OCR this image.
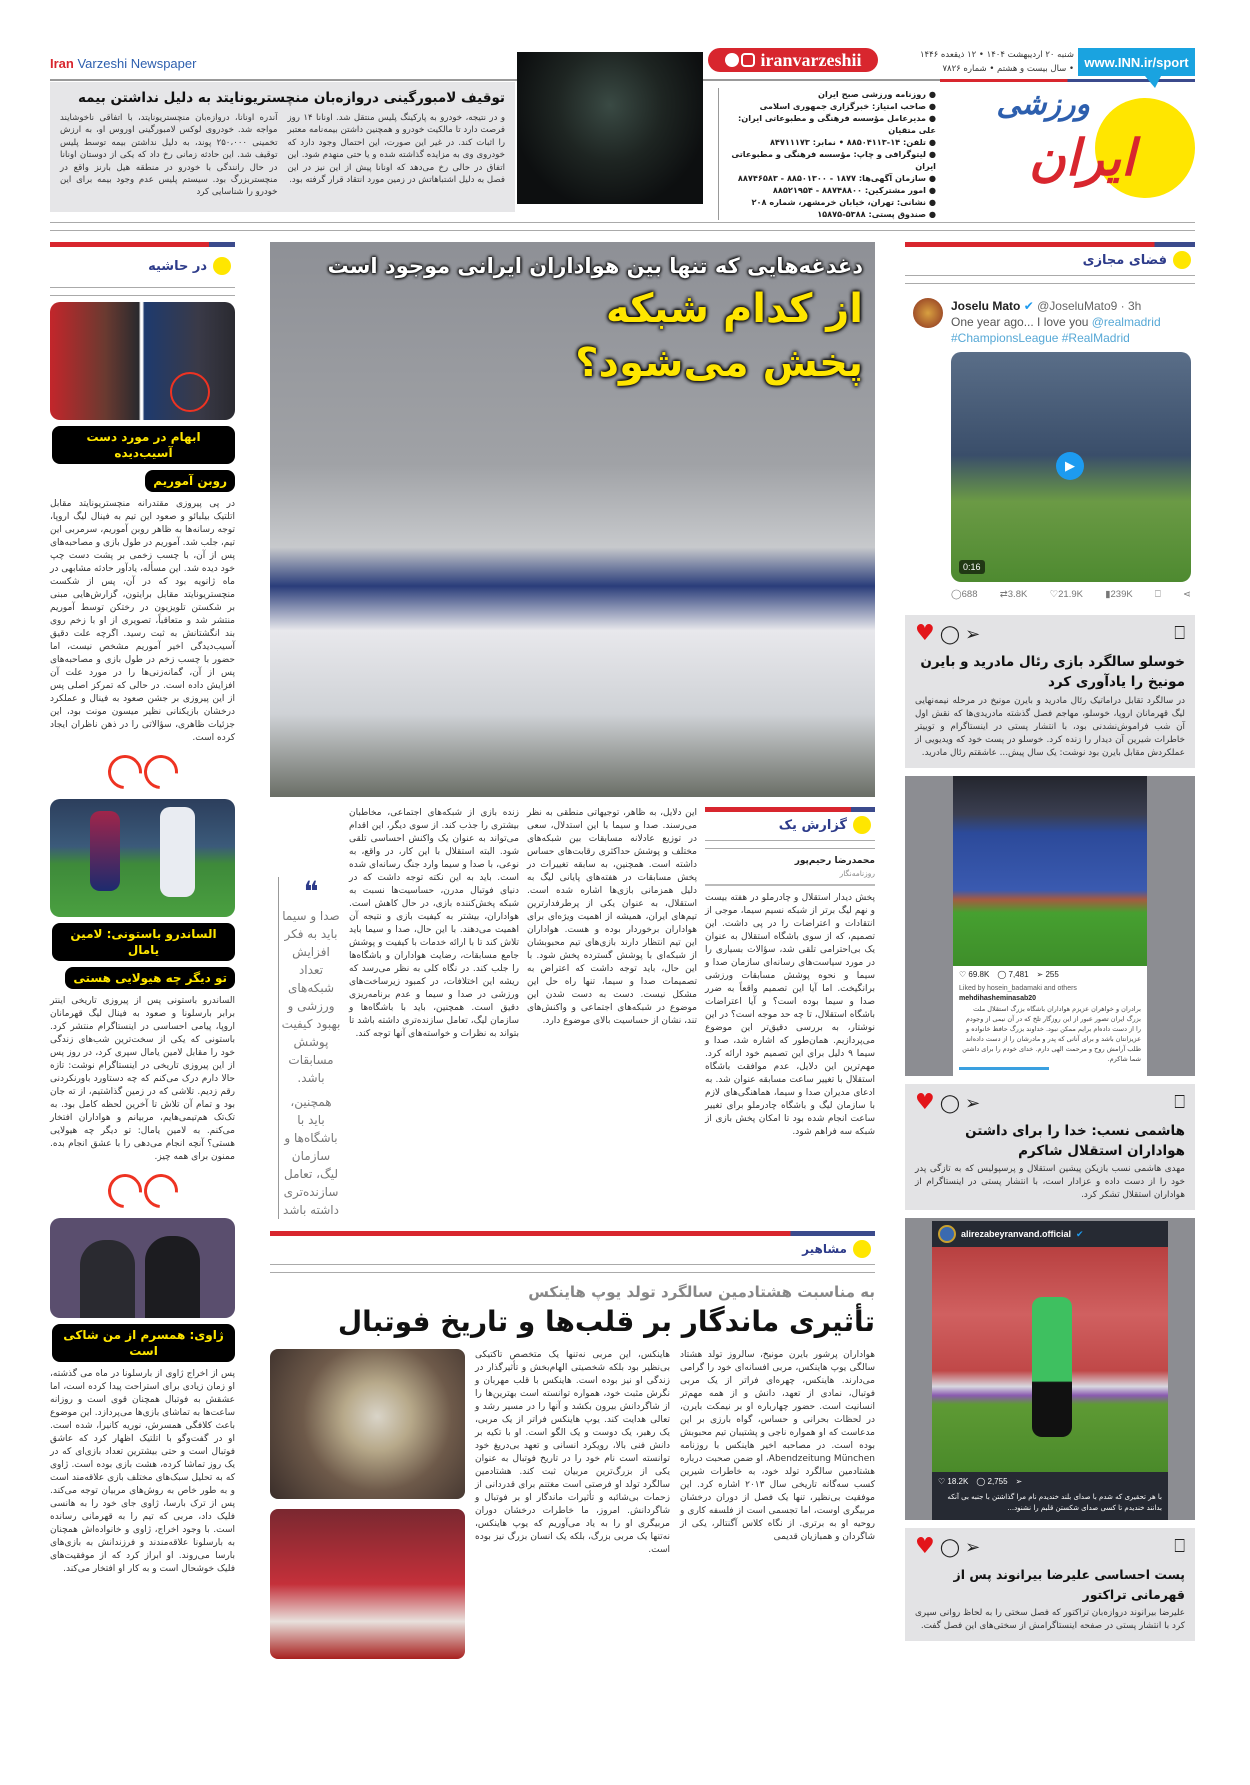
Iran Varzeshi Newspaper
توقیف لامبورگینی دروازه‌بان منچستریونایتد به دلیل نداشتن بیمه
آندره اونانا، دروازه‌بان منچستریونایتد، با اتفاقی ناخوشایند مواجه شد. خودروی لوکس لامبورگینی اوروس او، به ارزش تخمینی ۲۵۰،۰۰۰ پوند، به دلیل نداشتن بیمه توسط پلیس توقیف شد. این حادثه زمانی رخ داد که یکی از دوستان اونانا در حال رانندگی با خودرو در منطقه هیل بارنز واقع در منچستربزرگ بود. سیستم پلیس عدم وجود بیمه برای این خودرو را شناسایی کرد
و در نتیجه، خودرو به پارکینگ پلیس منتقل شد. اونانا ۱۴ روز فرصت دارد تا مالکیت خودرو و همچنین داشتن بیمه‌نامه معتبر را اثبات کند. در غیر این صورت، این احتمال وجود دارد که خودروی وی به مزایده گذاشته شده و یا حتی منهدم شود. این اتفاق در حالی رخ می‌دهد که اونانا پیش از این نیز در این فصل به دلیل اشتباهاتش در زمین مورد انتقاد قرار گرفته بود.
iranvarzeshii	شنبه ۲۰ اردیبهشت ۱۴۰۴ • ۱۲ ذیقعده ۱۴۴۶
• سال بیست و هشتم • شماره ۷۸۲۶ www.INN.ir/sport
● روزنامه ورزشی صبح ایران
● صاحب امتیاز: خبرگزاری جمهوری اسلامی
● مدیرعامل مؤسسه فرهنگی و مطبوعاتی ایران: علی متقیان
● تلفن: ۱۴-۸۸۵۰۴۱۱۳ • نمابر: ۸۴۷۱۱۱۷۳
● لیتوگرافی و چاپ: مؤسسه فرهنگی و مطبوعاتی ایران
● سازمان آگهی‌ها: ۱۸۷۷ - ۸۸۵۰۱۳۰۰ - ۸۸۷۴۶۵۸۳
● امور مشترکین: ۸۸۷۴۸۸۰۰ - ۸۸۵۲۱۹۵۴
● نشانی: تهران، خیابان خرمشهر، شماره ۲۰۸
● صندوق پستی: ۵۳۸۸-۱۵۸۷۵
ایران
ورزشی
در حاشیه
ابهام در مورد دست آسیب‌دیده
روبن آموریم
در پی پیروزی مقتدرانه منچستریونایتد مقابل اتلتیک بیلبائو و صعود این تیم به فینال لیگ اروپا، توجه رسانه‌ها به ظاهر روبن آموریم، سرمربی این تیم، جلب شد. آموریم در طول بازی و مصاحبه‌های پس از آن، با چسب زخمی بر پشت دست چپ خود دیده شد. این مسأله، یادآور حادثه مشابهی در ماه ژانویه بود که در آن، پس از شکست منچستریونایتد مقابل برایتون، گزارش‌هایی مبنی بر شکستن تلویزیون در رختکن توسط آموریم منتشر شد و متعاقباً، تصویری از او با زخم روی بند انگشتانش به ثبت رسید. اگرچه علت دقیق آسیب‌دیدگی اخیر آموریم مشخص نیست، اما حضور با چسب زخم در طول بازی و مصاحبه‌های پس از آن، گمانه‌زنی‌ها را در مورد علت آن افزایش داده است. در حالی که تمرکز اصلی پس از این پیروزی بر جشن صعود به فینال و عملکرد درخشان بازیکنانی نظیر میسون مونت بود، این جزئیات ظاهری، سؤالاتی را در ذهن ناظران ایجاد کرده است.
الساندرو باستونی: لامین یامال
تو دیگر چه هیولایی هستی
الساندرو باستونی پس از پیروزی تاریخی اینتر برابر بارسلونا و صعود به فینال لیگ قهرمانان اروپا، پیامی احساسی در اینستاگرام منتشر کرد. باستونی که یکی از سخت‌ترین شب‌های زندگی خود را مقابل لامین یامال سپری کرد، در روز پس از این پیروزی تاریخی در اینستاگرام نوشت: تازه حالا دارم درک می‌کنم که چه دستاورد باورنکردنی رقم زدیم. تلاشی که در زمین گذاشتیم، از ته جان بود و تمام آن تلاش تا آخرین لحظه کامل بود. به تک‌تک هم‌تیمی‌هایم، مربیانم و هواداران افتخار می‌کنم. به لامین یامال: تو دیگر چه هیولایی هستی؟ آنچه انجام می‌دهی را با عشق انجام بده. ممنون برای همه چیز.
ژاوی: همسرم از من شاکی است
پس از اخراج ژاوی از بارسلونا در ماه می گذشته، او زمان زیادی برای استراحت پیدا کرده است، اما عشقش به فوتبال همچنان قوی است و روزانه ساعت‌ها به تماشای بازی‌ها می‌پردازد. این موضوع باعث کلافگی همسرش، نوریه کانیرا، شده است. او در گفت‌وگو با اتلتیک اظهار کرد که عاشق فوتبال است و حتی بیشترین تعداد بازی‌ای که در یک روز تماشا کرده، هشت بازی بوده است. ژاوی که به تحلیل سبک‌های مختلف بازی علاقه‌مند است و به طور خاص به روش‌های مربیان توجه می‌کند. پس از ترک بارسا، ژاوی جای خود را به هانسی فلیک داد، مربی که تیم را به قهرمانی رسانده است. با وجود اخراج، ژاوی و خانواده‌اش همچنان به بارسلونا علاقه‌مندند و فرزندانش به بازی‌های بارسا می‌روند. او ابراز کرد که از موفقیت‌های فلیک خوشحال است و به کار او افتخار می‌کند.
دغدغه‌هایی که تنها بین هواداران ایرانی موجود است
از کدام شبکه
پخش می‌شود؟
گزارش یک
محمدرضا رحیم‌پور
روزنامه‌نگار
پخش دیدار استقلال و چادرملو در هفته بیست و نهم لیگ برتر از شبکه نسیم سیما، موجی از انتقادات و اعتراضات را در پی داشت. این تصمیم، که از سوی باشگاه استقلال به عنوان یک بی‌احترامی تلقی شد، سؤالات بسیاری را در مورد سیاست‌های رسانه‌ای سازمان صدا و سیما و نحوه پوشش مسابقات ورزشی برانگیخت. اما آیا این تصمیم واقعاً به ضرر صدا و سیما بوده است؟ و آیا اعتراضات باشگاه استقلال، تا چه حد موجه است؟ در این نوشتار، به بررسی دقیق‌تر این موضوع می‌پردازیم. همان‌طور که اشاره شد، صدا و سیما ۹ دلیل برای این تصمیم خود ارائه کرد. مهم‌ترین این دلایل، عدم موافقت باشگاه استقلال با تغییر ساعت مسابقه عنوان شد. به ادعای مدیران صدا و سیما، هماهنگی‌های لازم با سازمان لیگ و باشگاه چادرملو برای تغییر ساعت انجام شده بود تا امکان پخش بازی از شبکه سه فراهم شود.
این دلایل، به ظاهر، توجیهاتی منطقی به نظر می‌رسند. صدا و سیما با این استدلال، سعی در توزیع عادلانه مسابقات بین شبکه‌های مختلف و پوشش حداکثری رقابت‌های حساس داشته است. همچنین، به سابقه تغییرات در پخش مسابقات در هفته‌های پایانی لیگ به دلیل همزمانی بازی‌ها اشاره شده است. استقلال، به عنوان یکی از پرطرفدارترین تیم‌های ایران، همیشه از اهمیت ویژه‌ای برای هواداران برخوردار بوده و هست. هواداران این تیم انتظار دارند بازی‌های تیم محبوبشان از شبکه‌ای با پوشش گسترده پخش شود. با این حال، باید توجه داشت که اعتراض به تصمیمات صدا و سیما، تنها راه حل این مشکل نیست. دست به دست شدن این موضوع در شبکه‌های اجتماعی و واکنش‌های تند، نشان از حساسیت بالای موضوع دارد.
زنده بازی از شبکه‌های اجتماعی، مخاطبان بیشتری را جذب کند. از سوی دیگر، این اقدام می‌تواند به عنوان یک واکنش احساسی تلقی شود. البته استقلال با این کار، در واقع، به نوعی، با صدا و سیما وارد جنگ رسانه‌ای شده است. باید به این نکته توجه داشت که در دنیای فوتبال مدرن، حساسیت‌ها نسبت به شبکه پخش‌کننده بازی، در حال کاهش است. هواداران، بیشتر به کیفیت بازی و نتیجه آن اهمیت می‌دهند. با این حال، صدا و سیما باید تلاش کند تا با ارائه خدمات با کیفیت و پوشش جامع مسابقات، رضایت هواداران و باشگاه‌ها را جلب کند. در نگاه کلی به نظر می‌رسد که ریشه این اختلافات، در کمبود زیرساخت‌های ورزشی در صدا و سیما و عدم برنامه‌ریزی دقیق است. همچنین، باید با باشگاه‌ها و سازمان لیگ، تعامل سازنده‌تری داشته باشد تا بتواند به نظرات و خواسته‌های آنها توجه کند.
❝
صدا و سیما باید به فکر افزایش تعداد شبکه‌های ورزشی و بهبود کیفیت پوشش مسابقات باشد.
همچنین، باید با باشگاه‌ها و سازمان لیگ، تعامل سازنده‌تری داشته باشد
مشاهیر
به مناسبت هشتادمین سالگرد تولد یوپ هاینکس
تأثیری ماندگار بر قلب‌ها و تاریخ فوتبال
هواداران پرشور بایرن مونیخ، سالروز تولد هشتاد سالگی یوپ هاینکس، مربی افسانه‌ای خود را گرامی می‌دارند. هاینکس، چهره‌ای فراتر از یک مربی فوتبال، نمادی از تعهد، دانش و از همه مهم‌تر انسانیت است. حضور چهارباره او بر نیمکت بایرن، در لحظات بحرانی و حساس، گواه بارزی بر این مدعاست که او همواره ناجی و پشتیبان تیم محبوبش بوده است. در مصاحبه اخیر هاینکس با روزنامه Abendzeitung München، او ضمن صحبت درباره هشتادمین سالگرد تولد خود، به خاطرات شیرین کسب سه‌گانه تاریخی سال ۲۰۱۳ اشاره کرد. این موفقیت بی‌نظیر، تنها یک فصل از دوران درخشان مربیگری اوست، اما تجسمی است از فلسفه کاری و روحیه او به برتری. از نگاه کلاس آگنتالر، یکی از شاگردان و همبازیان قدیمی
هاینکس، این مربی نه‌تنها یک متخصص تاکتیکی بی‌نظیر بود بلکه شخصیتی الهام‌بخش و تأثیرگذار در زندگی او نیز بوده است. هاینکس با قلب مهربان و نگرش مثبت خود، همواره توانسته است بهترین‌ها را از شاگردانش بیرون بکشد و آنها را در مسیر رشد و تعالی هدایت کند. یوپ هاینکس فراتر از یک مربی، یک رهبر، یک دوست و یک الگو است. او با تکیه بر دانش فنی بالا، رویکرد انسانی و تعهد بی‌دریغ خود توانسته است نام خود را در تاریخ فوتبال به عنوان یکی از بزرگ‌ترین مربیان ثبت کند. هشتادمین سالگرد تولد او فرصتی است مغتنم برای قدردانی از زحمات بی‌شائبه و تأثیرات ماندگار او بر فوتبال و شاگردانش. امروز، ما خاطرات درخشان دوران مربیگری او را به یاد می‌آوریم که یوپ هاینکس، نه‌تنها یک مربی بزرگ، بلکه یک انسان بزرگ نیز بوده است.
فضای مجازی
Joselu Mato ✔ @JoseluMato9 · 3h
One year ago... I love you @realmadrid
#ChampionsLeague #RealMadrid
▶
0:16
◯688 ⇄3.8K ♡21.9K ▮239K ⎕ ⋖
♥ ◯ ➢	⎕
خوسلو سالگرد بازی رئال مادرید و بایرن مونیخ را یادآوری کرد
در سالگرد تقابل دراماتیک رئال مادرید و بایرن مونیخ در مرحله نیمه‌نهایی لیگ قهرمانان اروپا، خوسلو، مهاجم فصل گذشته مادریدی‌ها که نقش اول آن شب فراموش‌نشدنی بود، با انتشار پستی در اینستاگرام و توییتر خاطرات شیرین آن دیدار را زنده کرد. خوسلو در پست خود که ویدیویی از عملکردش مقابل بایرن بود نوشت: یک سال پیش... عاشقتم رئال مادرید.
♡ 69.8K ◯ 7,481 ➢ 255
Liked by hosein_badamaki and others
mehdihasheminasab20
برادران و خواهران عزیزم هواداران باشگاه بزرگ استقلال ملت بزرگ ایران تصور عبور از این روزگار تلخ که در آن نیمی از وجودم را از دست داده‌ام برایم ممکن نبود. خداوند بزرگ حافظ خانواده و عزیزانتان باشد و برای آنانی که پدر و مادرشان را از دست داده‌اند طلب آرامش روح و مرحمت الهی دارم. خدای خودم را برای داشتن شما شاکرم.
♥ ◯ ➢	⎕
هاشمی نسب: خدا را برای داشتن هواداران استقلال شاکرم
مهدی هاشمی نسب بازیکن پیشین استقلال و پرسپولیس که به تازگی پدر خود را از دست داده و عزادار است، با انتشار پستی در اینستاگرام از هواداران استقلال تشکر کرد.
alirezabeyranvand.official ✔
♡ 18.2K ◯ 2,755 ➢
با هر تحقیری که شدم با صدای بلند خندیدم نام مرا گذاشتن با جنبه بی آنکه بدانند خندیدم تا کسی صدای شکستن قلبم را نشنود...
♥ ◯ ➢	⎕
پست احساسی علیرضا بیرانوند پس از قهرمانی تراکتور
علیرضا بیرانوند دروازه‌بان تراکتور که فصل سختی را به لحاظ روانی سپری کرد با انتشار پستی در صفحه اینستاگرامش از سختی‌های این فصل گفت.
